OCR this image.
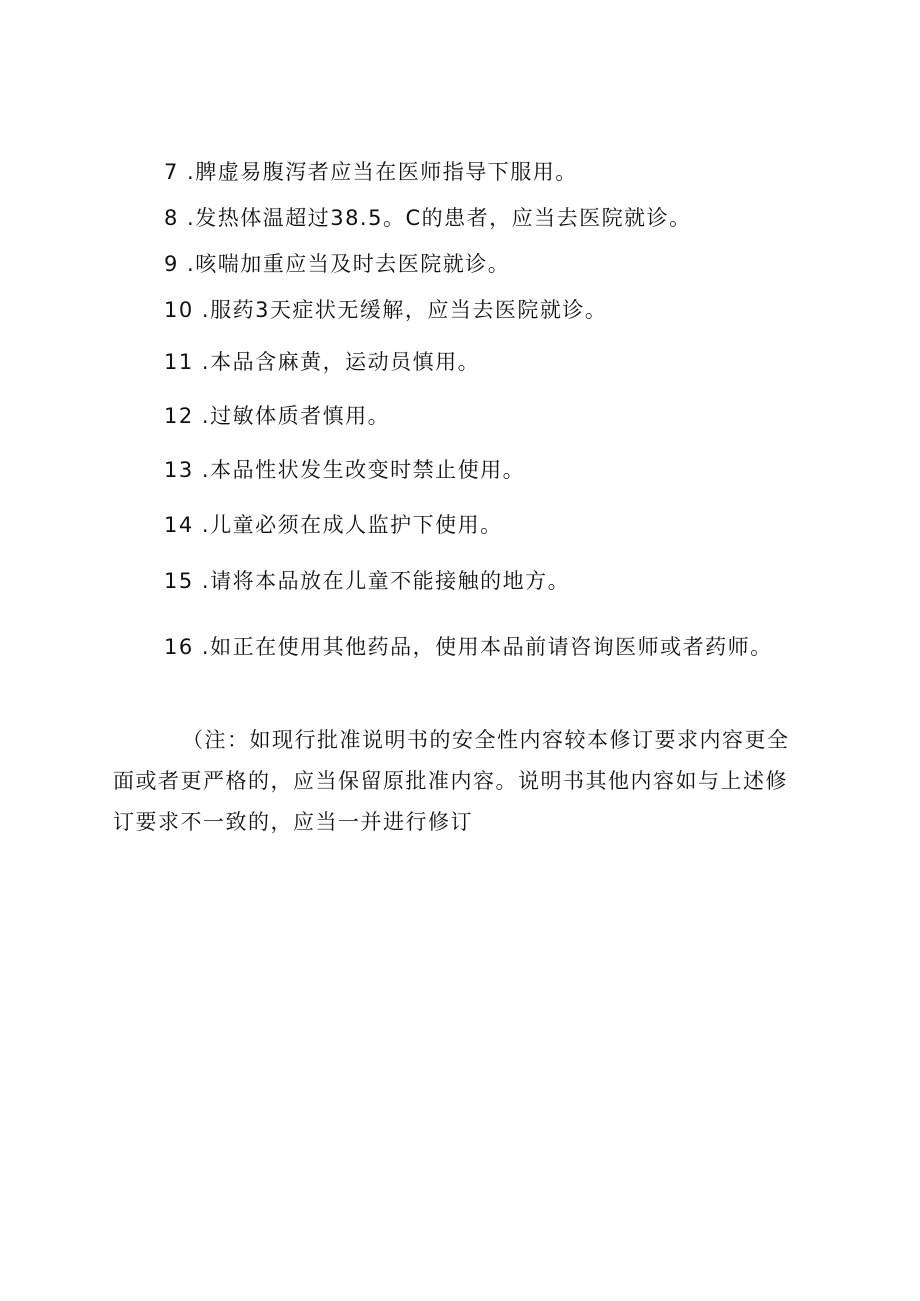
7 .脾虚易腹泻者应当在医师指导下服用。
8 .发热体温超过38.5。C的患者，应当去医院就诊。
9 .咳喘加重应当及时去医院就诊。
10 .服药3天症状无缓解，应当去医院就诊。
11 .本品含麻黄，运动员慎用。
12 .过敏体质者慎用。
13 .本品性状发生改变时禁止使用。
14 .儿童必须在成人监护下使用。
15 .请将本品放在儿童不能接触的地方。
16 .如正在使用其他药品，使用本品前请咨询医师或者药师。
（注：如现行批准说明书的安全性内容较本修订要求内容更全
面或者更严格的，应当保留原批准内容。说明书其他内容如与上述修
订要求不一致的，应当一并进行修订
